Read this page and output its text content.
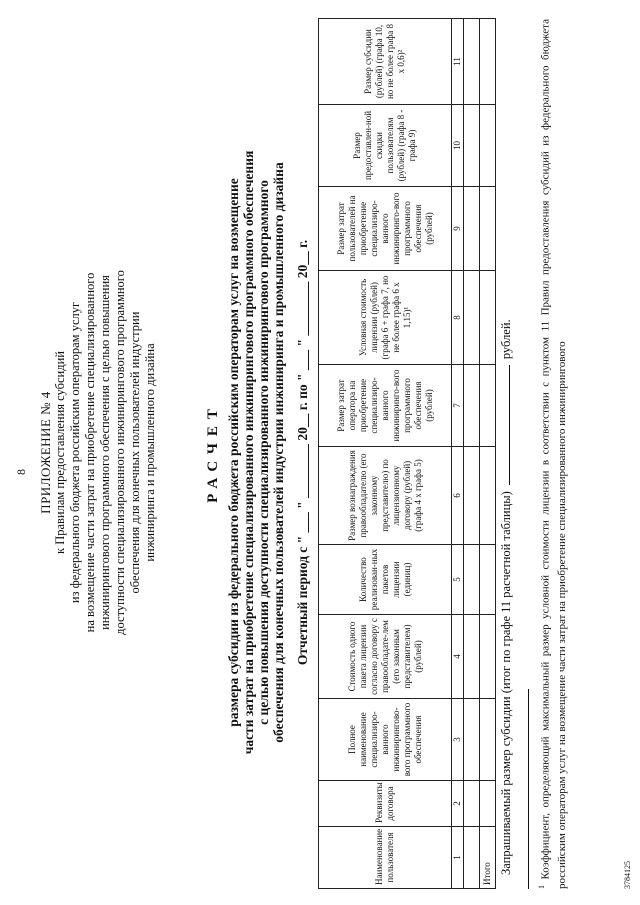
8 ПРИЛОЖЕНИЕ № 4 к Правилам предоставления субсидий из федерального бюджета российским операторам услуг на возмещение части затрат на приобретение специализированного инжинирингового программного обеспечения с целью повышения доступности специализированного инжинирингового программного обеспечения для конечных пользователей индустрии инжиниринга и промышленного дизайна	РАСЧЕТ размера субсидии из федерального бюджета российским операторам услуг на возмещение части затрат на приобретение специализированного инжинирингового программного обеспечения с целью повышения доступности специализированного инжинирингового программного обеспечения для конечных пользователей индустрии инжиниринга и промышленного дизайна Отчетный период с " ___ " ________ 20__ г. по " ___ " ________ 20__ г.
Наименование пользователя	Реквизиты договора	Полное наименование специализиро-ванного инжинирингово-вого программного обеспечения	Стоимость одного пакета лицензии согласно договору с правообладате-лем (его законным представителем) (рублей)	Количество реализован-ных пакетов лицензии (единиц)	Размер вознаграждения правообладателю (его законному представителю) по лицензионному договору (рублей) (графа 4 x графа 5)	Размер затрат оператора на приобретение специализиро-ванного инжиниринго-вого программного обеспечения (рублей)	Условная стоимость лицензии (рублей) (графа 6 + графа 7, но не более графа 6 x 1,15)¹	Размер затрат пользователей на приобретение специализиро-ванного инжиниринго-вого программного обеспечения (рублей)	Размер предоставлен-ной скидки пользователям (рублей) (графа 8 - графа 9)	Размер субсидии (рублей) (графа 10, но не более графа 8 x 0,6)²
1	2	3	4	5	6	7	8	9	10	11

Итого										Запрашиваемый размер субсидии (итог по графе 11 расчетной таблицы)рублей.
$^1$ Коэффициент, определяющий максимальный размер условной стоимости лицензии в соответствии с пунктом 11 Правил предоставления субсидий из федерального бюджета российским операторам услуг на возмещение части затрат на приобретение специализированного инжинирингового	3784125
